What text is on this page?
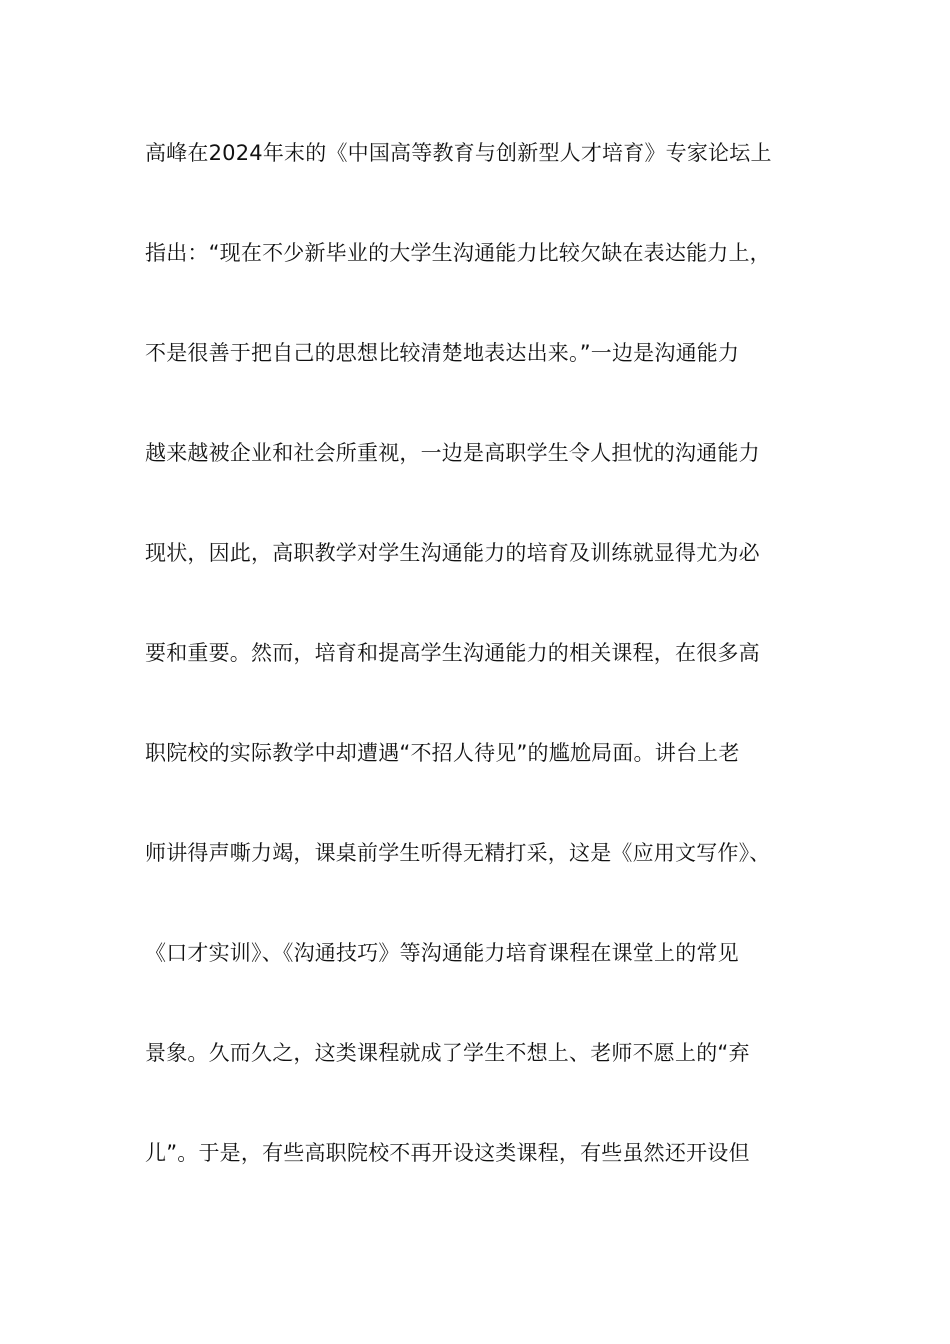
高峰在2024年末的《中国高等教育与创新型人才培育》专家论坛上
指出：“现在不少新毕业的大学生沟通能力比较欠缺在表达能力上，
不是很善于把自己的思想比较清楚地表达出来。”一边是沟通能力
越来越被企业和社会所重视，一边是高职学生令人担忧的沟通能力
现状，因此，高职教学对学生沟通能力的培育及训练就显得尤为必
要和重要。然而，培育和提高学生沟通能力的相关课程，在很多高
职院校的实际教学中却遭遇“不招人待见”的尴尬局面。讲台上老
师讲得声嘶力竭，课桌前学生听得无精打采，这是《应用文写作》、
《口才实训》、《沟通技巧》等沟通能力培育课程在课堂上的常见
景象。久而久之，这类课程就成了学生不想上、老师不愿上的“弃
儿”。于是，有些高职院校不再开设这类课程，有些虽然还开设但
